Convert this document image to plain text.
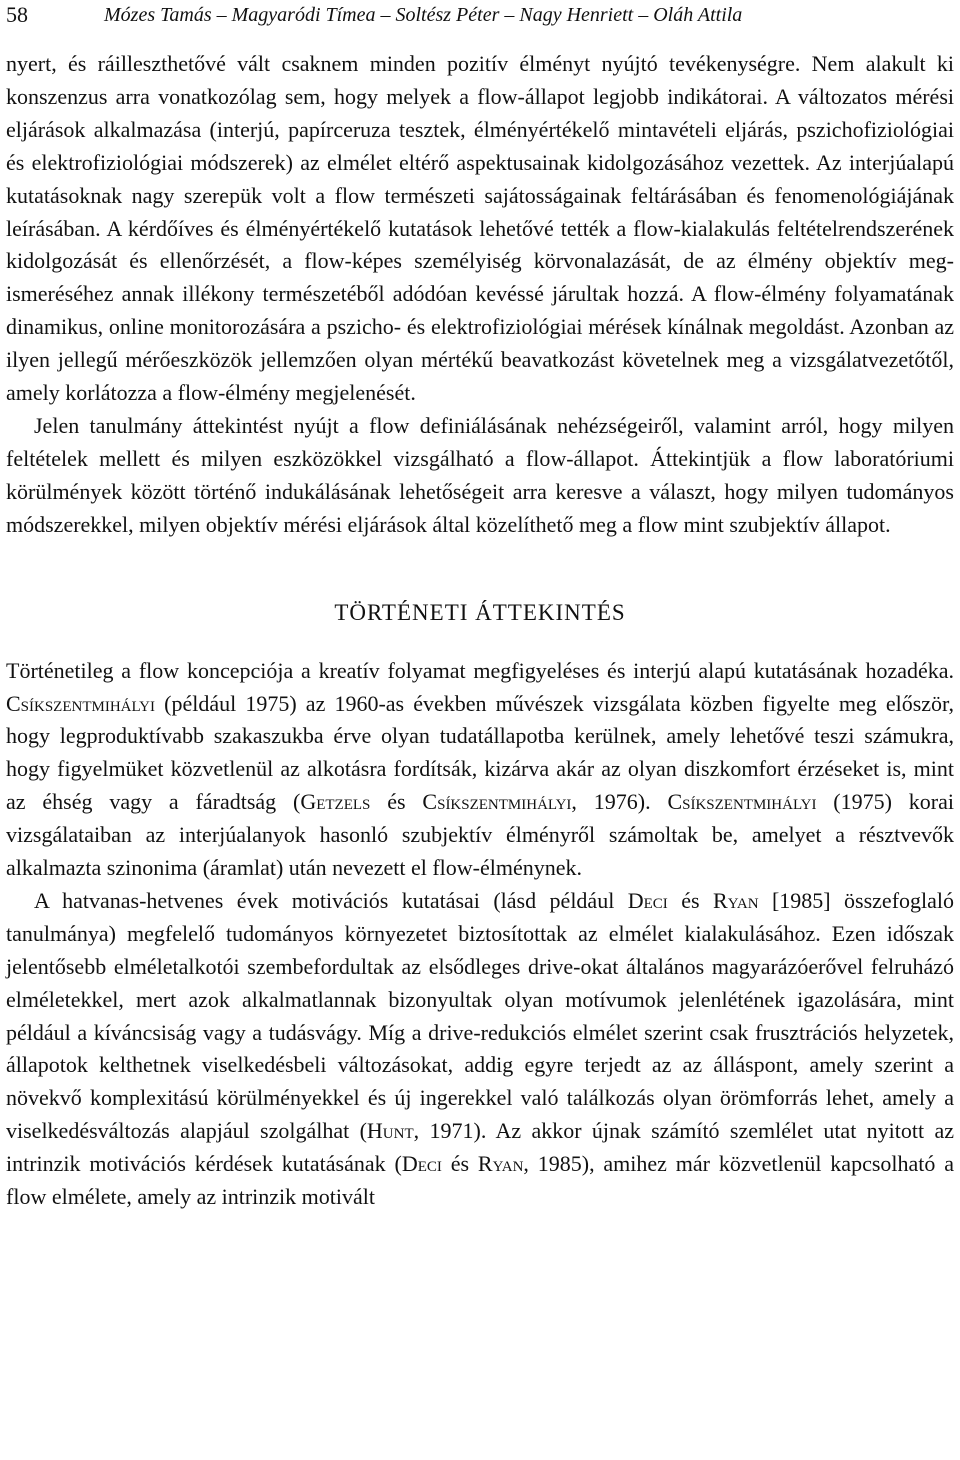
58	Mózes Tamás – Magyaródi Tímea – Soltész Péter – Nagy Henriett – Oláh Attila

nyert, és ráilleszthetővé vált csaknem minden pozitív élményt nyújtó tevékenységre. Nem alakult ki konszenzus arra vonatkozólag sem, hogy melyek a flow-állapot legjobb indikátorai. A változatos mérési eljárások alkalmazása (interjú, papírceruza tesztek, élményértékelő mintavételi eljárás, pszichofiziológiai és elektrofiziológiai módszerek) az elmélet eltérő aspektusainak kidolgozásához vezettek. Az interjúalapú kutatásoknak nagy szerepük volt a flow természeti sajátosságainak feltárásában és fenomenológiájának leírásában. A kérdőíves és élményértékelő kutatások lehetővé tették a flow-kialakulás feltételrendszerének kidolgozását és ellenőrzését, a flow-képes személyiség körvonalazását, de az élmény objektív megismeréséhez annak illékony természetéből adódóan kevéssé járultak hozzá. A flow-élmény folyamatának dinamikus, online monitorozására a pszicho- és elektrofiziológiai mérések kínálnak megoldást. Azonban az ilyen jellegű mérőeszközök jellemzően olyan mértékű beavatkozást követelnek meg a vizsgálatvezetőtől, amely korlátozza a flow-élmény megjelenését.

Jelen tanulmány áttekintést nyújt a flow definiálásának nehézségeiről, valamint arról, hogy milyen feltételek mellett és milyen eszközökkel vizsgálható a flow-állapot. Áttekintjük a flow laboratóriumi körülmények között történő indukálásának lehetőségeit arra keresve a választ, hogy milyen tudományos módszerekkel, milyen objektív mérési eljárások által közelíthető meg a flow mint szubjektív állapot.

TÖRTÉNETI ÁTTEKINTÉS

Történetileg a flow koncepciója a kreatív folyamat megfigyeléses és interjú alapú kutatásának hozadéka. Csíkszentmihályi (például 1975) az 1960-as években művészek vizsgálata közben figyelte meg először, hogy legproduktívabb szakaszukba érve olyan tudatállapotba kerülnek, amely lehetővé teszi számukra, hogy figyelmüket közvetlenül az alkotásra fordítsák, kizárva akár az olyan diszkomfort érzéseket is, mint az éhség vagy a fáradtság (Getzels és Csíkszentmihályi, 1976). Csíkszentmihályi (1975) korai vizsgálataiban az interjúalanyok hasonló szubjektív élményről számoltak be, amelyet a résztvevők alkalmazta szinonima (áramlat) után nevezett el flow-élménynek.

A hatvanas-hetvenes évek motivációs kutatásai (lásd például Deci és Ryan [1985] összefoglaló tanulmánya) megfelelő tudományos környezetet biztosítottak az elmélet kialakulásához. Ezen időszak jelentősebb elméletalkotói szembefordultak az elsődleges drive-okat általános magyarázóerővel felruházó elméletekkel, mert azok alkalmatlannak bizonyultak olyan motívumok jelenlétének igazolására, mint például a kíváncsiság vagy a tudásvágy. Míg a drive-redukciós elmélet szerint csak frusztrációs helyzetek, állapotok kelthetnek viselkedésbeli változásokat, addig egyre terjedt az az álláspont, amely szerint a növekvő komplexitású körülményekkel és új ingerekkel való találkozás olyan örömforrás lehet, amely a viselkedésváltozás alapjául szolgálhat (Hunt, 1971). Az akkor újnak számító szemlélet utat nyitott az intrinzik motivációs kérdések kutatásának (Deci és Ryan, 1985), amihez már közvetlenül kapcsolható a flow elmélete, amely az intrinzik motivált
